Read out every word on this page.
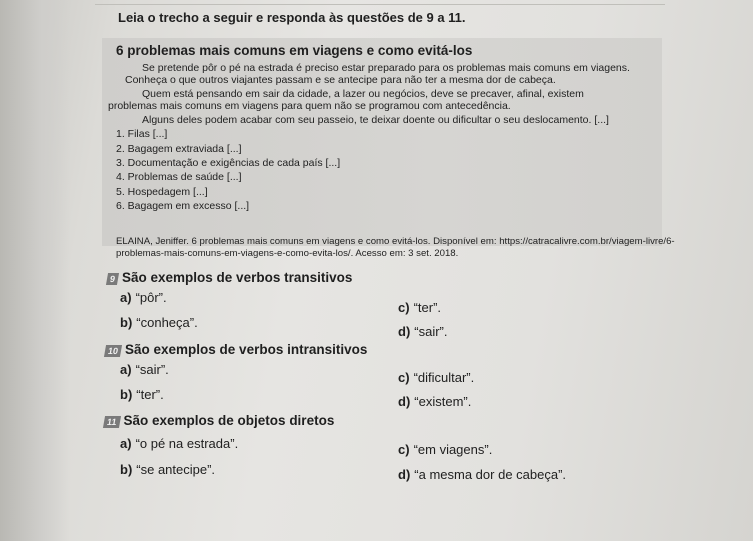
Leia o trecho a seguir e responda às questões de 9 a 11.
6 problemas mais comuns em viagens e como evitá-los
Se pretende pôr o pé na estrada é preciso estar preparado para os problemas mais comuns em viagens.
Conheça o que outros viajantes passam e se antecipe para não ter a mesma dor de cabeça.
Quem está pensando em sair da cidade, a lazer ou negócios, deve se precaver, afinal, existem
problemas mais comuns em viagens para quem não se programou com antecedência.
Alguns deles podem acabar com seu passeio, te deixar doente ou dificultar o seu deslocamento. [...]
1. Filas [...]
2. Bagagem extraviada [...]
3. Documentação e exigências de cada país [...]
4. Problemas de saúde [...]
5. Hospedagem [...]
6. Bagagem em excesso [...]
ELAINA, Jeniffer. 6 problemas mais comuns em viagens e como evitá-los. Disponível em: https://catracalivre.com.br/viagem-livre/6-
problemas-mais-comuns-em-viagens-e-como-evita-los/. Acesso em: 3 set. 2018.
9 São exemplos de verbos transitivos
a) “pôr”.
b) “conheça”.
c) “ter”.
d) “sair”.
10 São exemplos de verbos intransitivos
a) “sair”.
b) “ter”.
c) “dificultar”.
d) “existem”.
11 São exemplos de objetos diretos
a) “o pé na estrada”.
b) “se antecipe”.
c) “em viagens”.
d) “a mesma dor de cabeça”.
